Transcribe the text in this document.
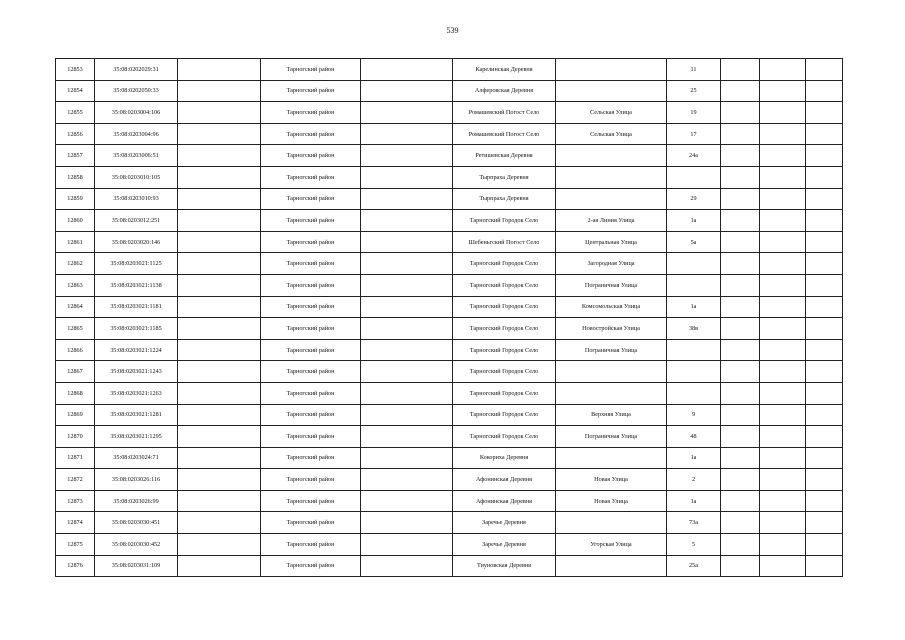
539
12853	35:08:0202029:31		Тарногский район		Карелинская Деревня		11			
12854	35:08:0202050:33		Тарногский район		Алферовская Деревня		25			
12855	35:08:0203004:106		Тарногский район		Ромашевский Погост Село	Сельская Улица	19			
12856	35:08:0203004:96		Тарногский район		Ромашевский Погост Село	Сельская Улица	17			
12857	35:08:0203006:51		Тарногский район		Ретишевская Деревня		24а			
12858	35:08:0203010:105		Тарногский район		Тырпраха Деревня					
12859	35:08:0203010:93		Тарногский район		Тырпраха Деревня		29			
12860	35:08:0203012:251		Тарногский район		Тарногский Городок Село	2-ая Линия Улица	1а			
12861	35:08:0203020:146		Тарногский район		Шебеньгский Погост Село	Центральная Улица	5а			
12862	35:08:0203021:1125		Тарногский район		Тарногский Городок Село	Загородная Улица				
12863	35:08:0203021:1138		Тарногский район		Тарногский Городок Село	Пограничная Улица				
12864	35:08:0203021:1181		Тарногский район		Тарногский Городок Село	Комсомольская Улица	1а			
12865	35:08:0203021:1185		Тарногский район		Тарногский Городок Село	Новостройская Улица	38в			
12866	35:08:0203021:1224		Тарногский район		Тарногский Городок Село	Пограничная Улица				
12867	35:08:0203021:1243		Тарногский район		Тарногский Городок Село					
12868	35:08:0203021:1263		Тарногский район		Тарногский Городок Село					
12869	35:08:0203021:1281		Тарногский район		Тарногский Городок Село	Верхняя Улица	9			
12870	35:08:0203021:1295		Тарногский район		Тарногский Городок Село	Пограничная Улица	48			
12871	35:08:0203024:71		Тарногский район		Кокориха Деревня		1а			
12872	35:08:0203026:116		Тарногский район		Афонинская Деревня	Новая Улица	2			
12873	35:08:0203026:99		Тарногский район		Афонинская Деревня	Новая Улица	1а			
12874	35:08:0203030:451		Тарногский район		Заречье Деревня		73а			
12875	35:08:0203030:452		Тарногский район		Заречье Деревня	Угорская Улица	5			
12876	35:08:0203031:109		Тарногский район		Тиуновская Деревня		25а			
